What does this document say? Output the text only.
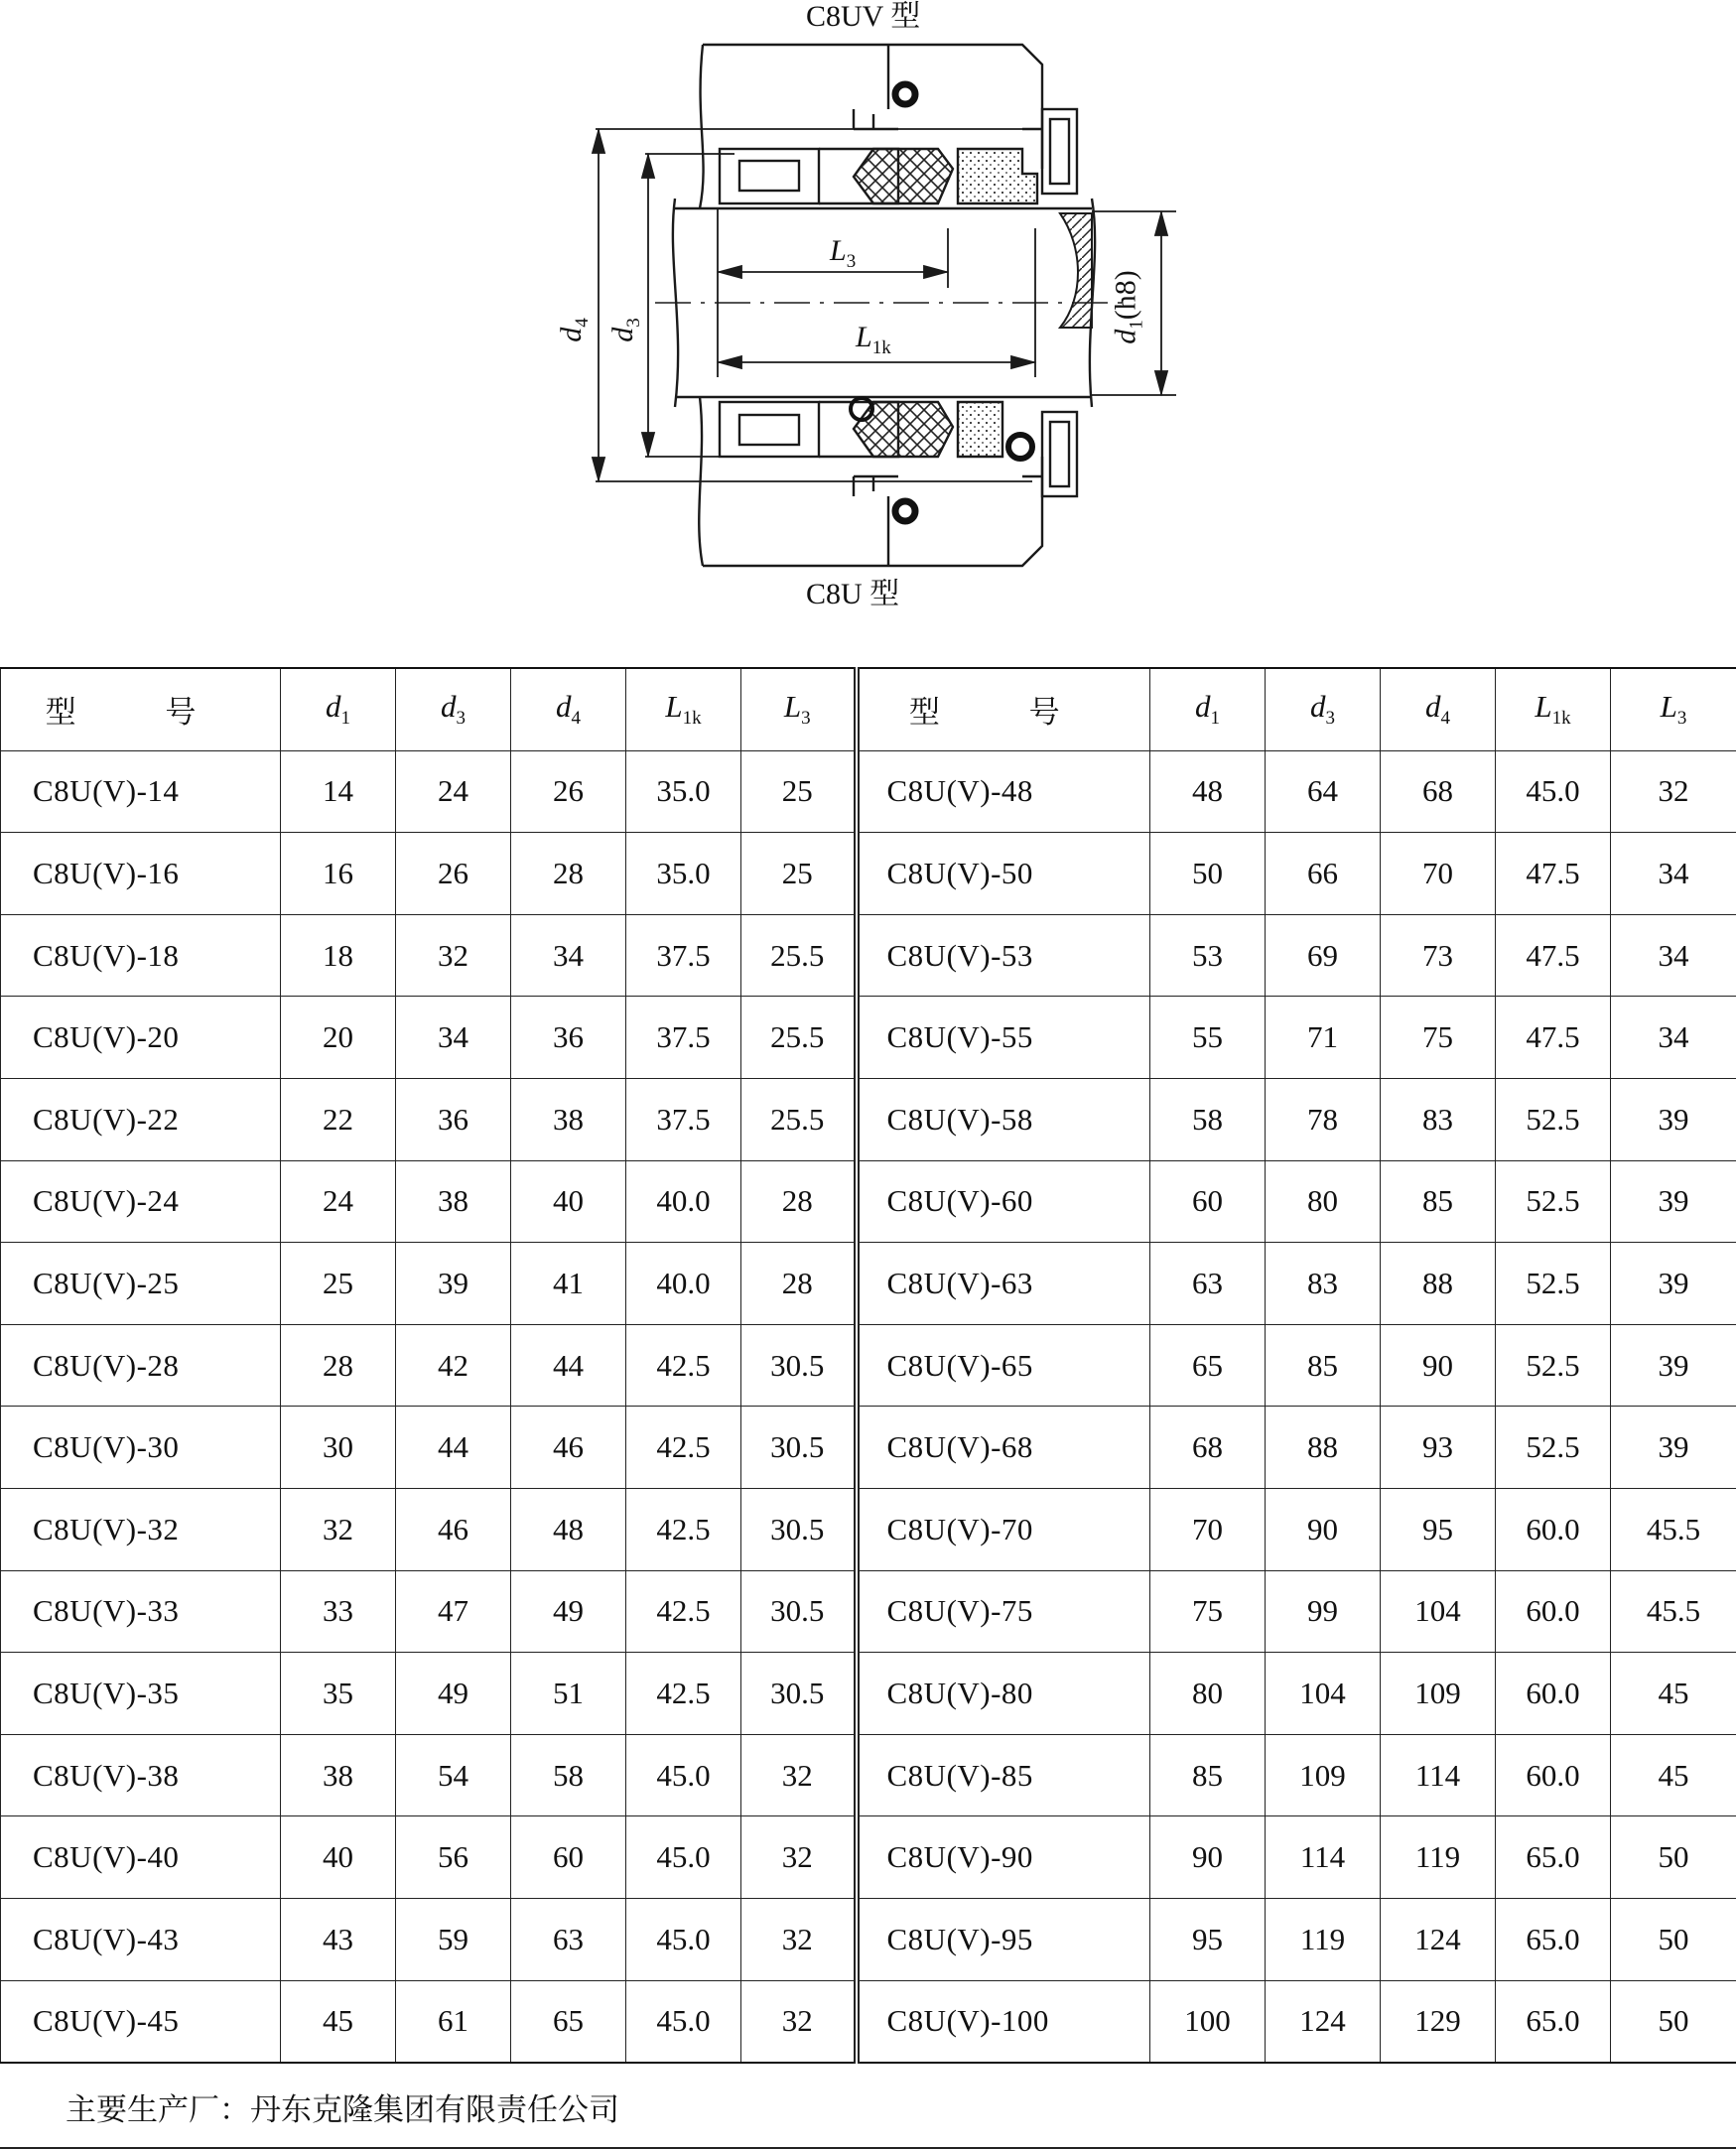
C8UV 型
C8U 型
$d_4$
$d_3$
$L_3$
$L_{1k}$
$d_1(h8)$
型 号	$d_1$	$d_3$	$d_4$	$L_{1k}$	$L_3$	型 号	$d_1$	$d_3$	$d_4$	$L_{1k}$	$L_3$
C8U(V)-14	14	24	26	35.0	25	C8U(V)-48	48	64	68	45.0	32
C8U(V)-16	16	26	28	35.0	25	C8U(V)-50	50	66	70	47.5	34
C8U(V)-18	18	32	34	37.5	25.5	C8U(V)-53	53	69	73	47.5	34
C8U(V)-20	20	34	36	37.5	25.5	C8U(V)-55	55	71	75	47.5	34
C8U(V)-22	22	36	38	37.5	25.5	C8U(V)-58	58	78	83	52.5	39
C8U(V)-24	24	38	40	40.0	28	C8U(V)-60	60	80	85	52.5	39
C8U(V)-25	25	39	41	40.0	28	C8U(V)-63	63	83	88	52.5	39
C8U(V)-28	28	42	44	42.5	30.5	C8U(V)-65	65	85	90	52.5	39
C8U(V)-30	30	44	46	42.5	30.5	C8U(V)-68	68	88	93	52.5	39
C8U(V)-32	32	46	48	42.5	30.5	C8U(V)-70	70	90	95	60.0	45.5
C8U(V)-33	33	47	49	42.5	30.5	C8U(V)-75	75	99	104	60.0	45.5
C8U(V)-35	35	49	51	42.5	30.5	C8U(V)-80	80	104	109	60.0	45
C8U(V)-38	38	54	58	45.0	32	C8U(V)-85	85	109	114	60.0	45
C8U(V)-40	40	56	60	45.0	32	C8U(V)-90	90	114	119	65.0	50
C8U(V)-43	43	59	63	45.0	32	C8U(V)-95	95	119	124	65.0	50
C8U(V)-45	45	61	65	45.0	32	C8U(V)-100	100	124	129	65.0	50
主要生产厂：丹东克隆集团有限责任公司
